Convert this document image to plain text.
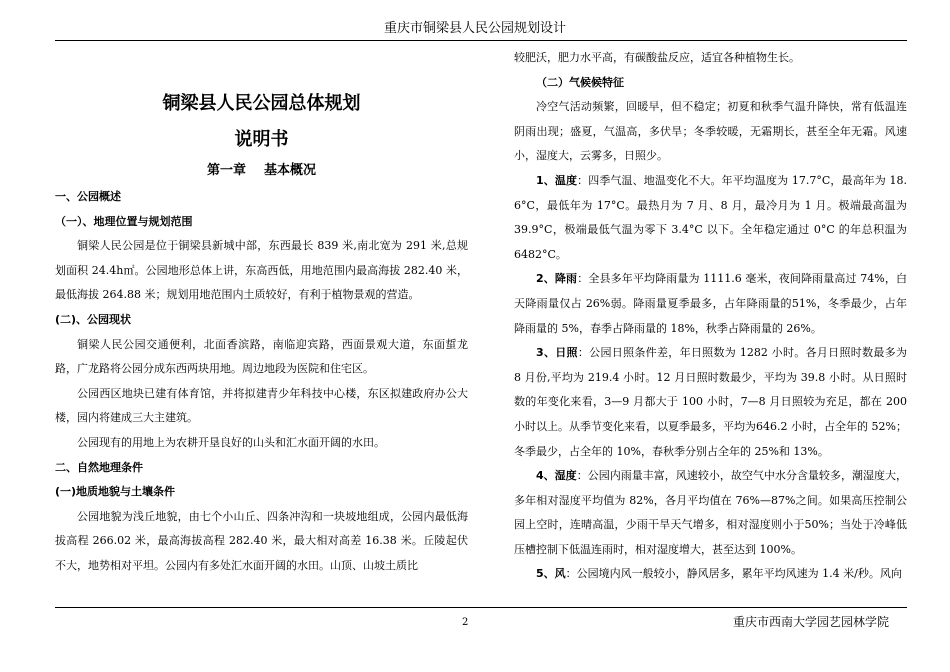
重庆市铜梁县人民公园规划设计
铜梁县人民公园总体规划
说明书
第一章 基本概况
一、公园概述
（一）、地理位置与规划范围

铜梁人民公园是位于铜梁县新城中部，东西最长 839 米,南北宽为 291 米,总规划面积 24.4h㎡。公园地形总体上讲，东高西低，用地范围内最高海拔 282.40 米，最低海拔 264.88 米；规划用地范围内土质较好，有利于植物景观的营造。

(二)、公园现状

铜梁人民公园交通便利，北面香滨路，南临迎宾路，西面景观大道，东面蜇龙路，广龙路将公园分成东西两块用地。周边地段为医院和住宅区。

公园西区地块已建有体育馆，并将拟建青少年科技中心楼，东区拟建政府办公大楼，园内将建成三大主建筑。

公园现有的用地上为农耕开垦良好的山头和汇水面开阔的水田。

二、自然地理条件
(一)地质地貌与土壤条件

公园地貌为浅丘地貌，由七个小山丘、四条冲沟和一块坡地组成，公园内最低海拔高程 266.02 米，最高海拔高程 282.40 米，最大相对高差 16.38 米。丘陵起伏不大，地势相对平坦。公园内有多处汇水面开阔的水田。山顶、山坡土质比

较肥沃，肥力水平高，有碳酸盐反应，适宜各种植物生长。

（二）气候候特征

冷空气活动频繁，回暖早，但不稳定；初夏和秋季气温升降快，常有低温连阴雨出现；盛夏，气温高，多伏旱；冬季较暖，无霜期长，甚至全年无霜。风速小，湿度大，云雾多，日照少。

1、温度：四季气温、地温变化不大。年平均温度为 17.7°C，最高年为 18. 6°C，最低年为 17°C。最热月为 7 月、8 月，最冷月为 1 月。极端最高温为 39.9°C，极端最低气温为零下 3.4°C 以下。全年稳定通过 0°C 的年总积温为 6482°C。

2、降雨：全县多年平均降雨量为 1111.6 毫米，夜间降雨量高过 74%，白天降雨量仅占 26%弱。降雨量夏季最多，占年降雨量的51%，冬季最少，占年降雨量的 5%，春季占降雨量的 18%，秋季占降雨量的 26%。

3、日照：公园日照条件差，年日照数为 1282 小时。各月日照时数最多为 8 月份,平均为 219.4 小时。12 月日照时数最少，平均为 39.8 小时。从日照时数的年变化来看，3—9 月都大于 100 小时，7—8 月日照较为充足，都在 200 小时以上。从季节变化来看，以夏季最多，平均为646.2 小时，占全年的 52%；冬季最少，占全年的 10%，春秋季分别占全年的 25%和 13%。

4、湿度：公园内雨量丰富，风速较小，故空气中水分含量较多，潮湿度大，多年相对湿度平均值为 82%，各月平均值在 76%—87%之间。如果高压控制公园上空时，连晴高温，少雨干旱天气增多，相对湿度则小于50%；当处于冷峰低压槽控制下低温连雨时，相对湿度增大，甚至达到 100%。

5、风：公园境内风一般较小，静风居多，累年平均风速为 1.4 米/秒。风向

2	重庆市西南大学园艺园林学院
